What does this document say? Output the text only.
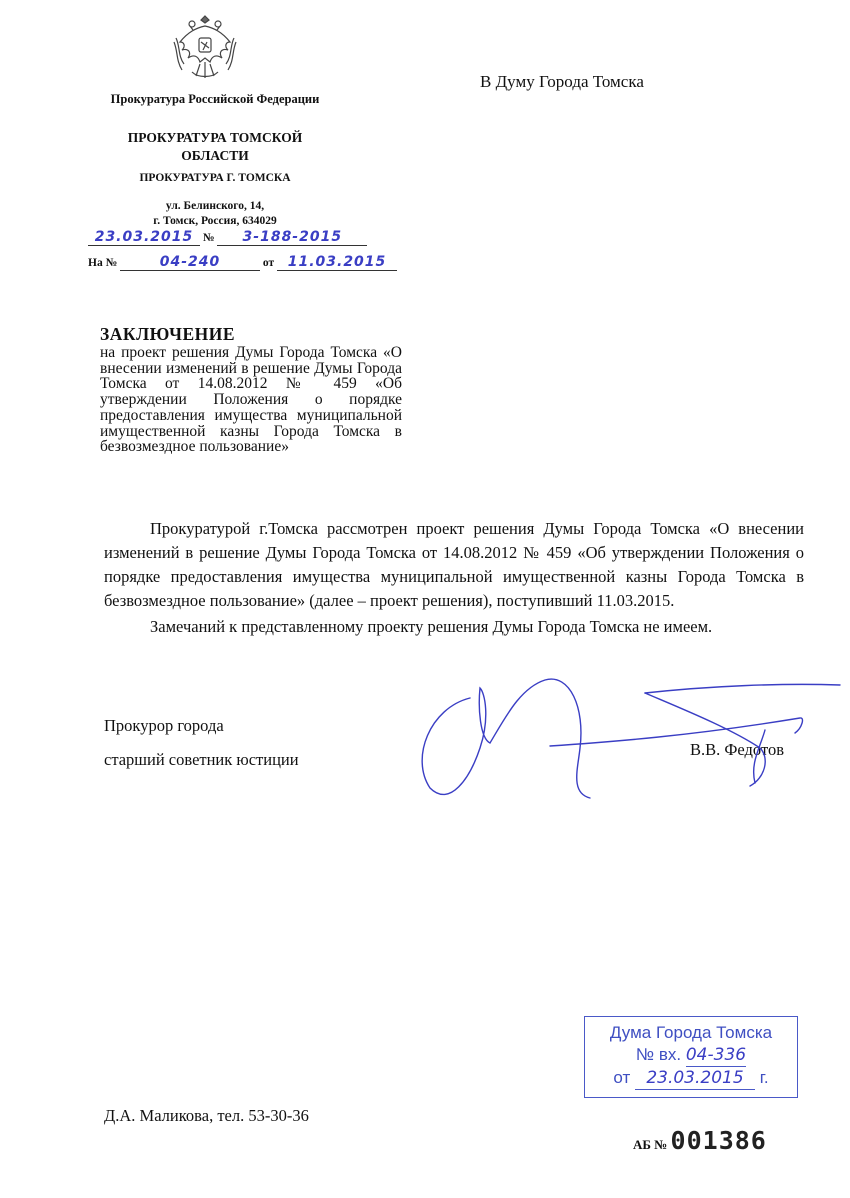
Прокуратура Российской Федерации
ПРОКУРАТУРА ТОМСКОЙ ОБЛАСТИ
ПРОКУРАТУРА Г. ТОМСКА
ул. Белинского, 14,
г. Томск, Россия, 634029
23.03.2015 № 3-188-2015
На №	04-240	от 11.03.2015
В Думу Города Томска
ЗАКЛЮЧЕНИЕ
на проект решения Думы Города Томска «О внесении изменений в решение Думы Города Томска от 14.08.2012 № 459 «Об утверждении Положения о порядке предоставления имущества муниципальной имущественной казны Города Томска в безвозмездное пользование»

Прокуратурой г.Томска рассмотрен проект решения Думы Города Томска «О внесении изменений в решение Думы Города Томска от 14.08.2012 № 459 «Об утверждении Положения о порядке предоставления имущества муниципальной имущественной казны Города Томска в безвозмездное пользование» (далее – проект решения), поступивший 11.03.2015.

Замечаний к представленному проекту решения Думы Города Томска не имеем.

Прокурор города
старший советник юстиции
В.В. Федотов
Дума Города Томска
№ вх. 04-336
от 23.03.2015 г.
Д.А. Маликова, тел. 53-30-36
АБ № 001386
